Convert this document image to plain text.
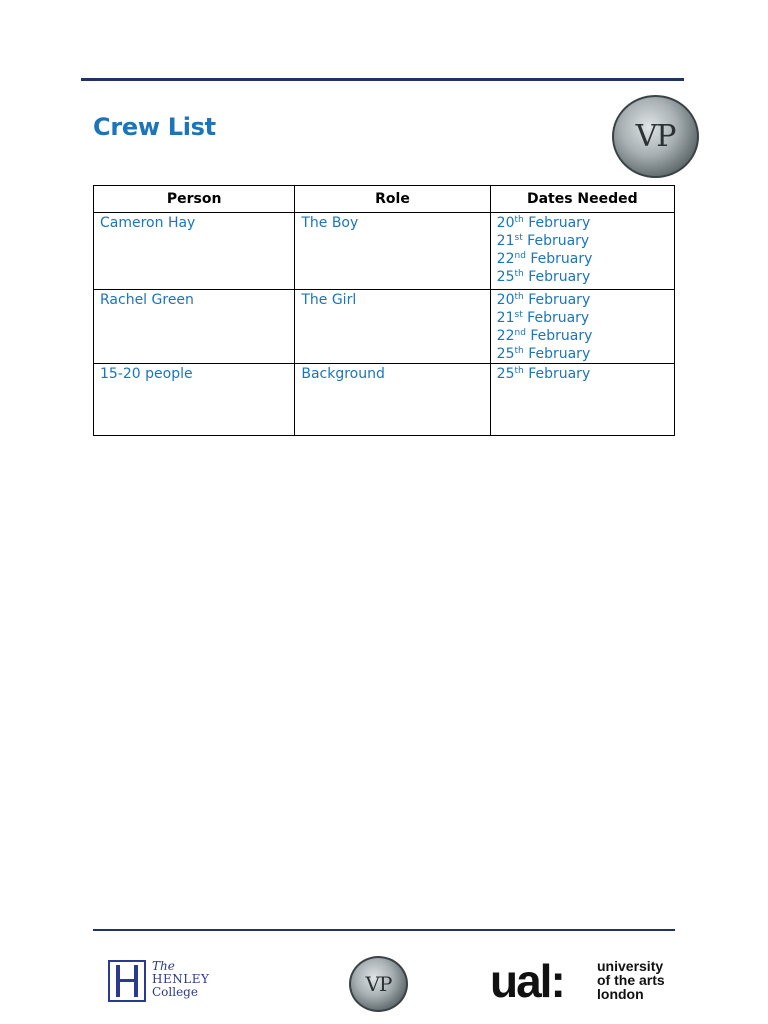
Crew List	VP
Person	Role	Dates Needed
Cameron Hay	The Boy	20th February
21st February
22nd February
25th February

Rachel Green	The Girl	20th February
21st February
22nd February
25th February

15-20 people	Background	25th February
The
HENLEY
College	VP ual: university
of the arts
london
